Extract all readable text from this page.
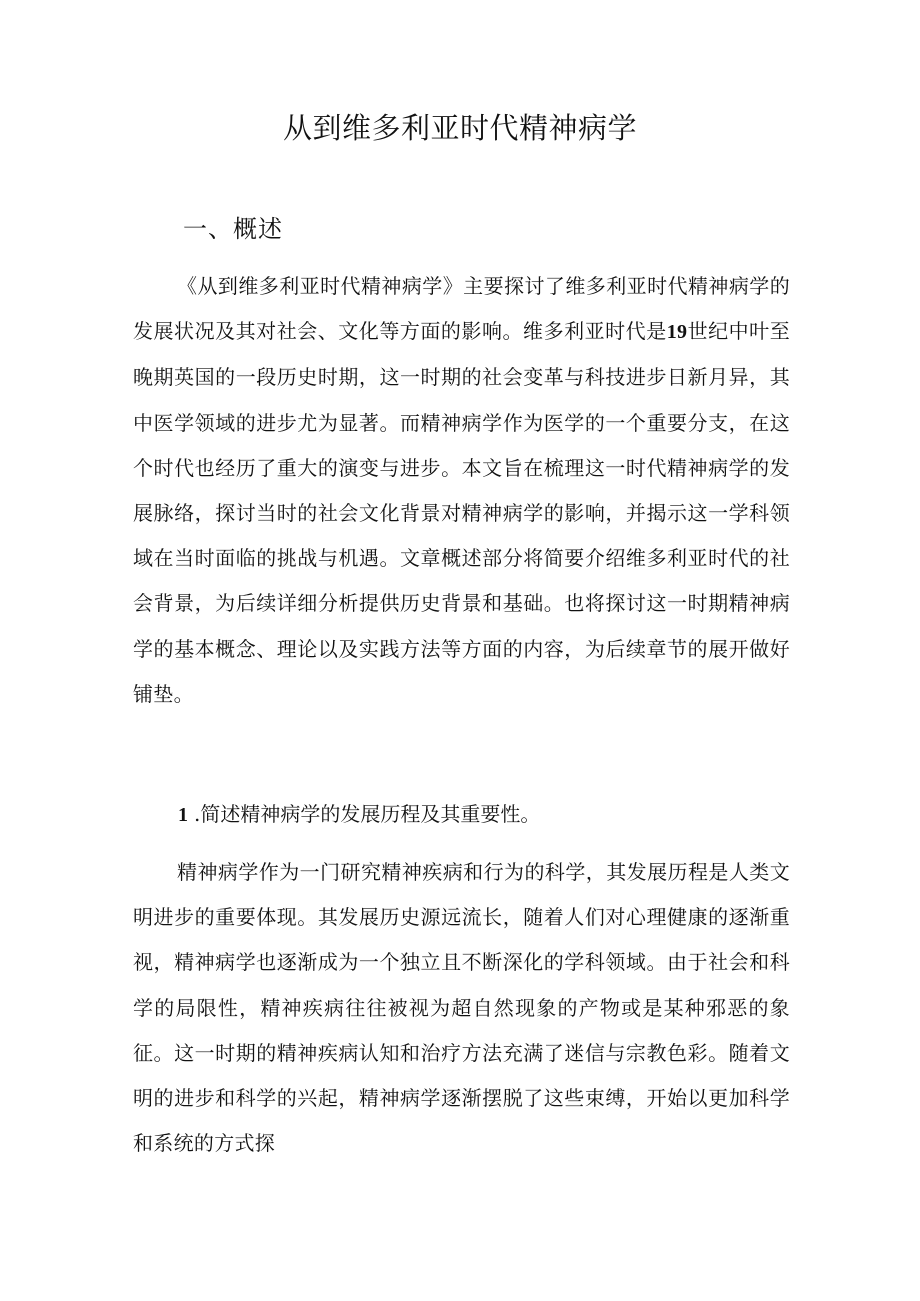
从到维多利亚时代精神病学
一、概述

《从到维多利亚时代精神病学》主要探讨了维多利亚时代精神病学的发展状况及其对社会、文化等方面的影响。维多利亚时代是19世纪中叶至晚期英国的一段历史时期，这一时期的社会变革与科技进步日新月异，其中医学领域的进步尤为显著。而精神病学作为医学的一个重要分支，在这个时代也经历了重大的演变与进步。本文旨在梳理这一时代精神病学的发展脉络，探讨当时的社会文化背景对精神病学的影响，并揭示这一学科领域在当时面临的挑战与机遇。文章概述部分将简要介绍维多利亚时代的社会背景，为后续详细分析提供历史背景和基础。也将探讨这一时期精神病学的基本概念、理论以及实践方法等方面的内容，为后续章节的展开做好铺垫。

1 .简述精神病学的发展历程及其重要性。

精神病学作为一门研究精神疾病和行为的科学，其发展历程是人类文明进步的重要体现。其发展历史源远流长，随着人们对心理健康的逐渐重视，精神病学也逐渐成为一个独立且不断深化的学科领域。由于社会和科学的局限性，精神疾病往往被视为超自然现象的产物或是某种邪恶的象征。这一时期的精神疾病认知和治疗方法充满了迷信与宗教色彩。随着文明的进步和科学的兴起，精神病学逐渐摆脱了这些束缚，开始以更加科学和系统的方式探
